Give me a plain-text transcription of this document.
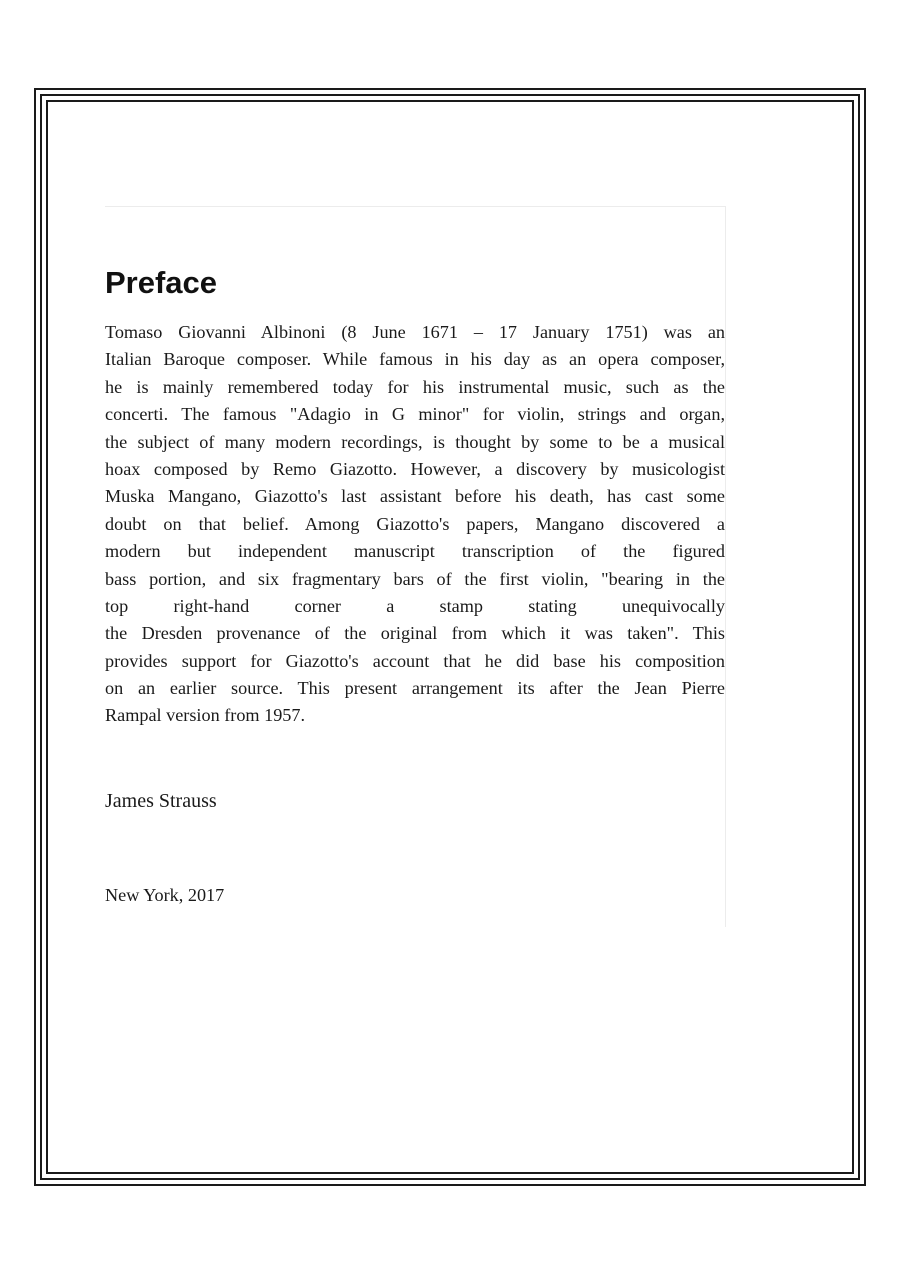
Preface
Tomaso Giovanni Albinoni (8 June 1671 – 17 January 1751) was an
Italian Baroque composer. While famous in his day as an opera composer,
he is mainly remembered today for his instrumental music, such as the
concerti. The famous "Adagio in G minor" for violin, strings and organ,
the subject of many modern recordings, is thought by some to be a musical
hoax composed by Remo Giazotto. However, a discovery by musicologist
Muska Mangano, Giazotto's last assistant before his death, has cast some
doubt on that belief. Among Giazotto's papers, Mangano discovered a
modern but independent manuscript transcription of the figured
bass portion, and six fragmentary bars of the first violin, "bearing in the
top right-hand corner a stamp stating unequivocally
the Dresden provenance of the original from which it was taken". This
provides support for Giazotto's account that he did base his composition
on an earlier source. This present arrangement its after the Jean Pierre
Rampal version from 1957.

James Strauss

New York, 2017
